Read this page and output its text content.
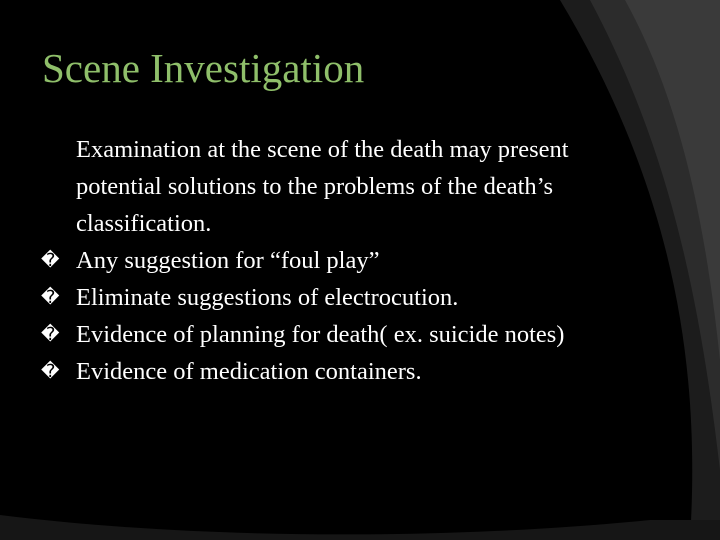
Scene Investigation
Examination at the scene of the death may present potential solutions to the problems of the death’s classification.
� Any suggestion for “foul play”
� Eliminate suggestions of electrocution.
� Evidence of planning for death( ex. suicide notes)
� Evidence of medication containers.
